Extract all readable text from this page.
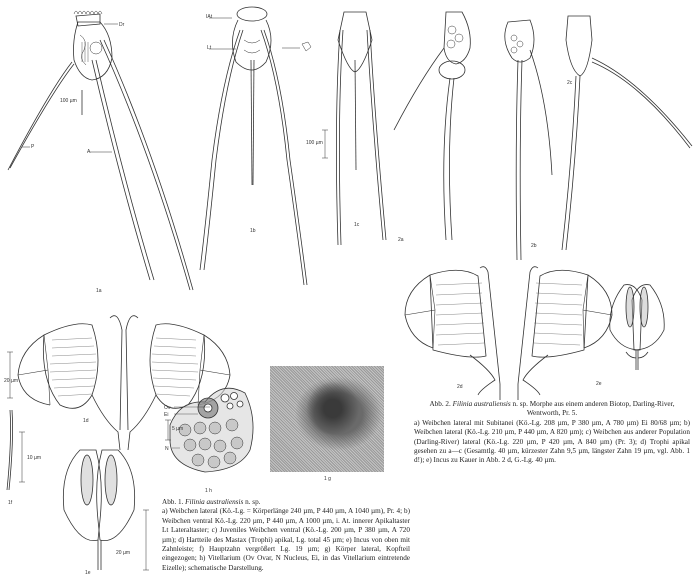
Dr
P
A
100 µm
1a
IAt
Lt
1b
100 µm
1c
2a
2b
2c
20 µm
1d
10 µm
1f
20 µm
1e
Ov
Ei
N
5 µm
1 h
1 g
2d	2e
Abb. 1. Filinia australiensis n. sp.
a) Weibchen lateral (Kö.-Lg. = Körperlänge 240 µm, P 440 µm, A 1040 µm), Pr. 4; b) Weibchen ventral Kö.-Lg. 220 µm, P 440 µm, A 1000 µm, i. At. innerer Apikaltaster Lt Lateraltaster; c) Juveniles Weibchen ventral (Kö.-Lg. 200 µm, P 380 µm, A 720 µm); d) Hartteile des Mastax (Trophi) apikal, Lg. total 45 µm; e) Incus von oben mit Zahnleiste; f) Hauptzahn vergrößert Lg. 19 µm; g) Körper lateral, Kopfteil eingezogen; h) Vitellarium (Ov Ovar, N Nucleus, Ei, in das Vitellarium eintretende Eizelle); schematische Darstellung.
Abb. 2. Filinia australiensis n. sp. Morphe aus einem anderen Biotop, Darling-River, Wentworth, Pr. 5.
a) Weibchen lateral mit Subitanei (Kö.-Lg. 208 µm, P 380 µm, A 780 µm) Ei 80/68 µm; b) Weibchen lateral (Kö.-Lg. 210 µm, P 440 µm, A 820 µm); c) Weibchen aus anderer Population (Darling-River) lateral (Kö.-Lg. 220 µm, P 420 µm, A 840 µm) (Pr. 3); d) Trophi apikal gesehen zu a—c (Gesamtlg. 40 µm, kürzester Zahn 9,5 µm, längster Zahn 19 µm, vgl. Abb. 1 d!); e) Incus zu Kauer in Abb. 2 d, G.-Lg. 40 µm.
